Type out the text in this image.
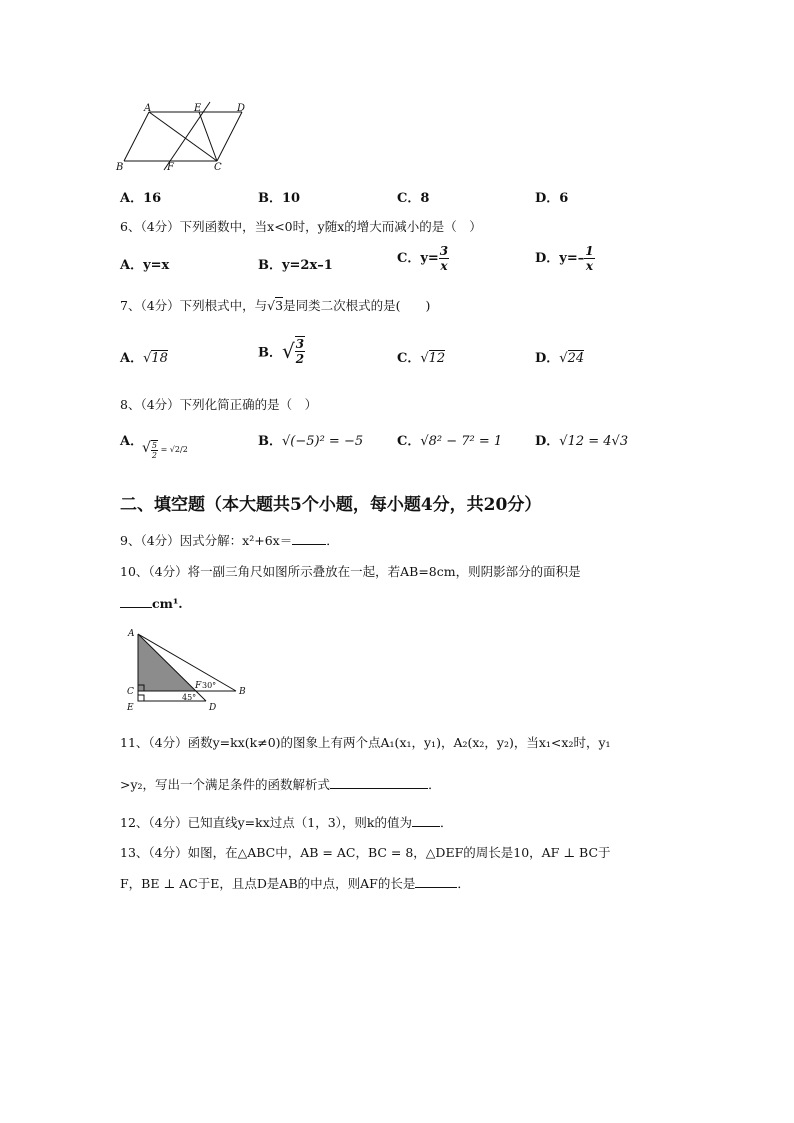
A	E	D
B	F	C
A．16	B．10	C．8	D．6
6、（4分）下列函数中，当x<0时，y随x的增大而减小的是（　）
A．y=x	B．y=2x–1	C．$y= \frac{3}{x}$	D．$y=- \frac{1}{x}$
7、（4分）下列根式中，与√3是同类二次根式的是(　　)
A．√18	B．√ $\frac{3}{2}$	C．√12	D．√24
8、（4分）下列化简正确的是（　）
A．
√ $\frac{5}{2} = √2/2$
B．√(−5)² = −5	C．√8² − 7² = 1	D．√12 = 4√3
二、填空题（本大题共5个小题，每小题4分，共20分）
9、（4分）因式分解：x²+6x＝	．
10、（4分）将一副三角尺如图所示叠放在一起，若AB=8cm，则阴影部分的面积是
cm¹.
A
C
E
F 30°
B
45°
D
11、（4分）函数y=kx(k≠0)的图象上有两个点A₁(x₁，y₁)，A₂(x₂，y₂)，当x₁<x₂时，y₁
>y₂，写出一个满足条件的函数解析式	．
12、（4分）已知直线y=kx过点（1，3），则k的值为 ．
13、（4分）如图，在△ABC中，AB = AC，BC = 8，△DEF的周长是10，AF ⊥ BC于
F，BE ⊥ AC于E，且点D是AB的中点，则AF的长是	．
